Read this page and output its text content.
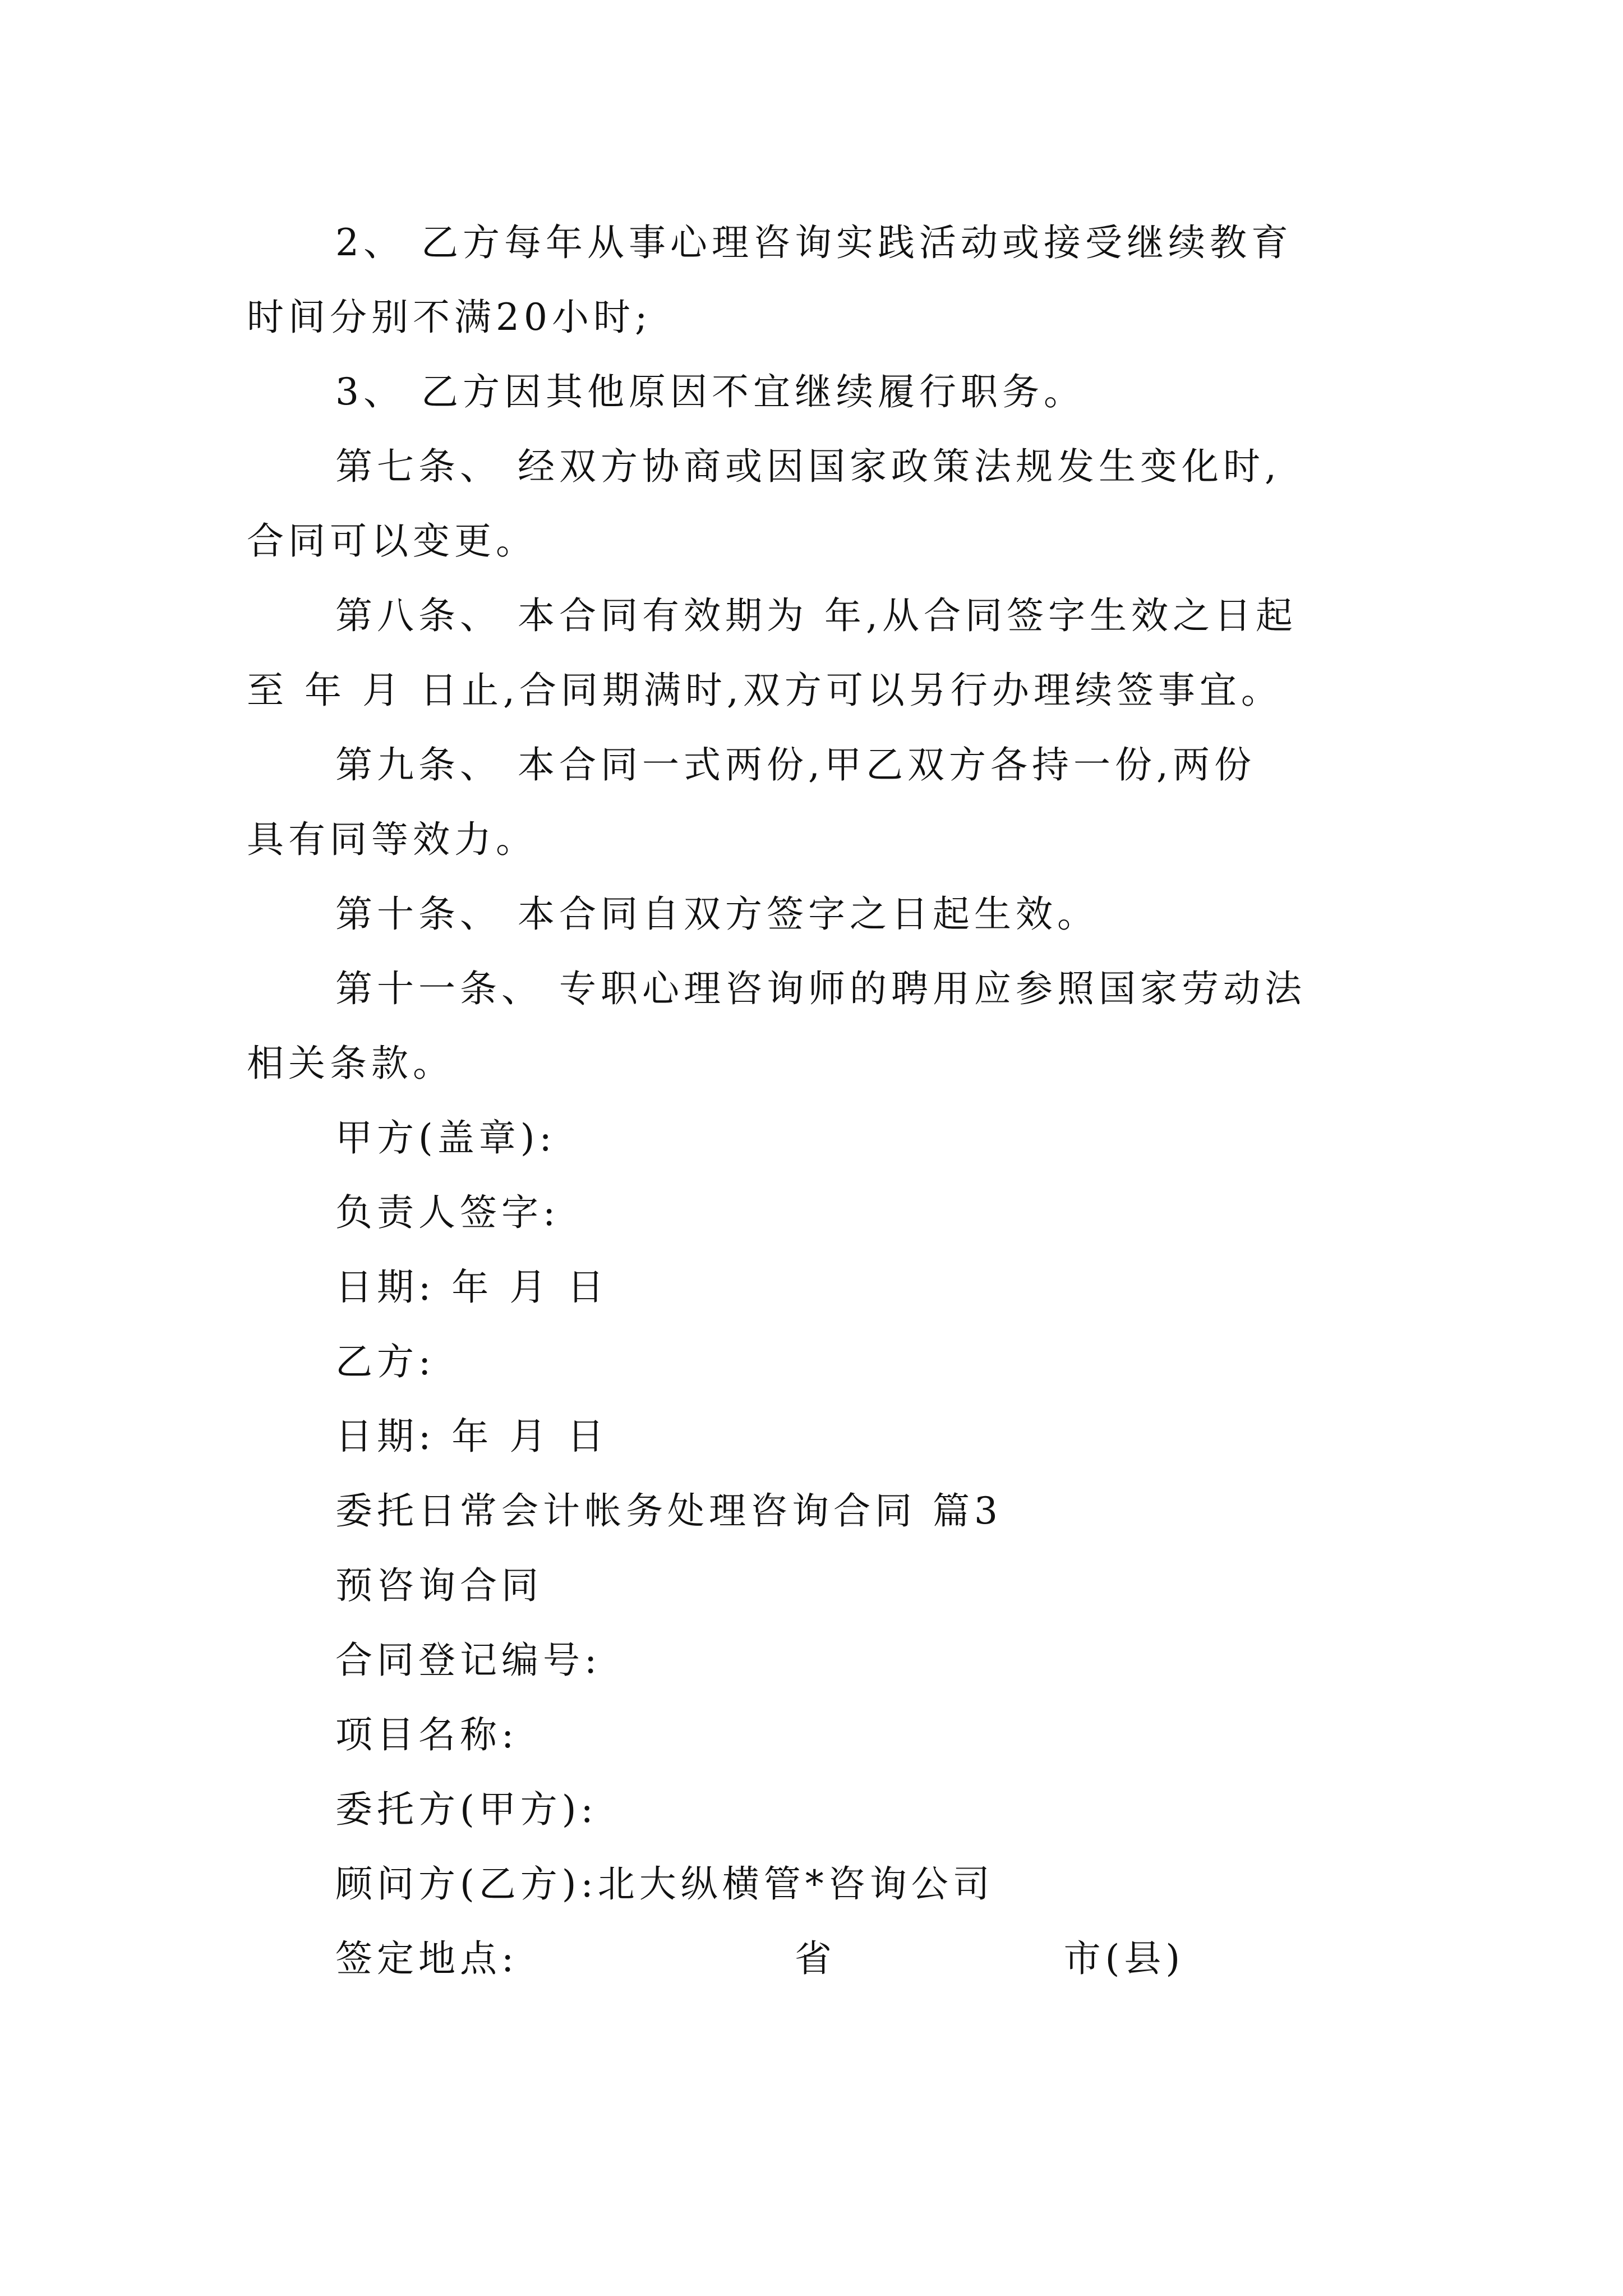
2、 乙方每年从事心理咨询实践活动或接受继续教育

时间分别不满20小时;

3、 乙方因其他原因不宜继续履行职务。

第七条、 经双方协商或因国家政策法规发生变化时,

合同可以变更。

第八条、 本合同有效期为 年,从合同签字生效之日起

至 年 月 日止,合同期满时,双方可以另行办理续签事宜。

第九条、 本合同一式两份,甲乙双方各持一份,两份

具有同等效力。

第十条、 本合同自双方签字之日起生效。

第十一条、 专职心理咨询师的聘用应参照国家劳动法

相关条款。

甲方(盖章):

负责人签字:

日期: 年 月 日

乙方:

日期: 年 月 日

委托日常会计帐务处理咨询合同 篇3

预咨询合同

合同登记编号:

项目名称:

委托方(甲方):

顾问方(乙方):北大纵横管*咨询公司

签定地点:                 省              市(县)
